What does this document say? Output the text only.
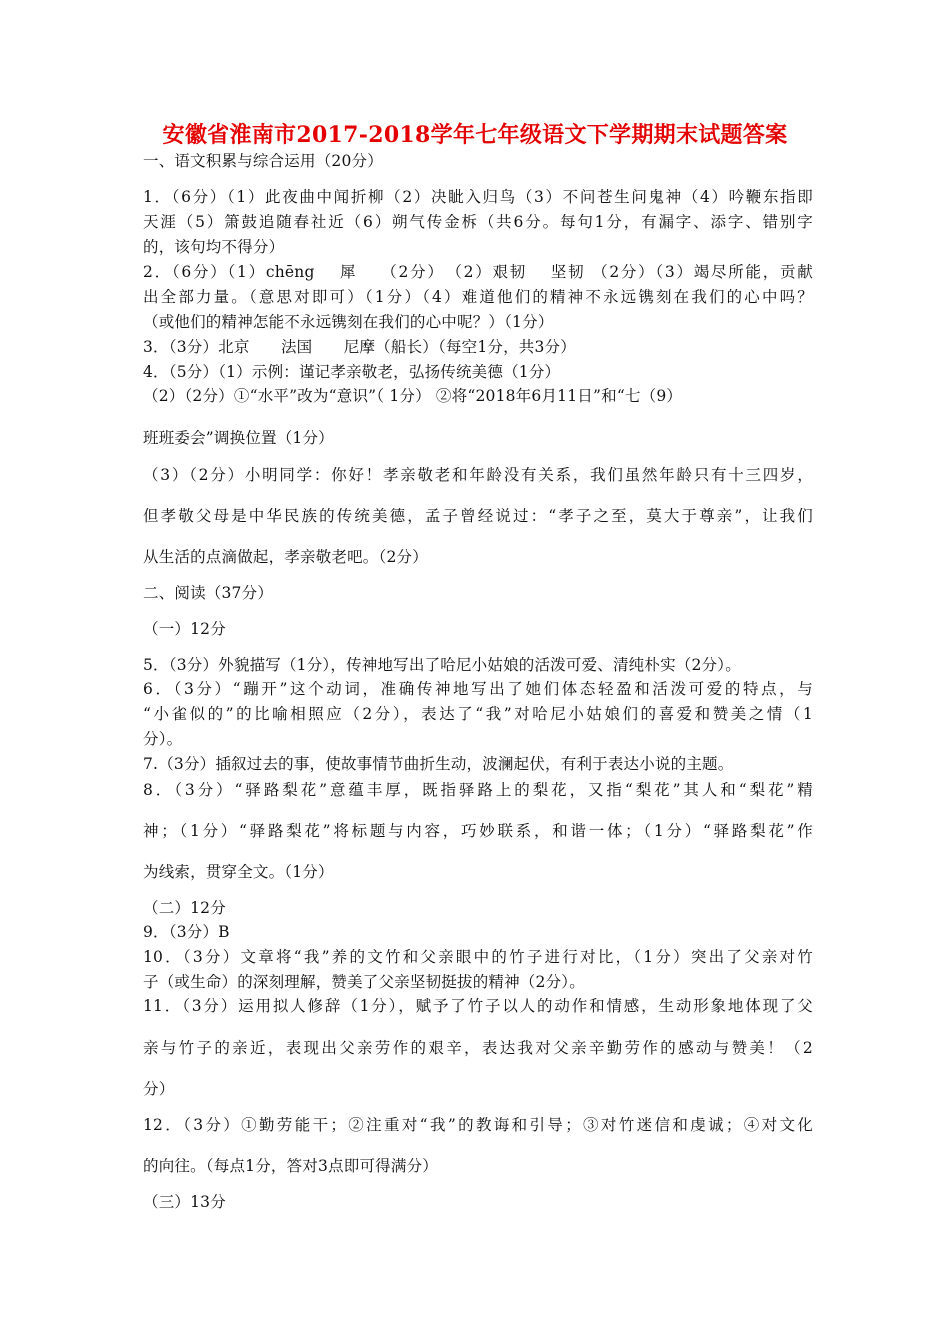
安徽省淮南市2017-2018学年七年级语文下学期期末试题答案
一、语文积累与综合运用（20分）
1．（6分）（1）此夜曲中闻折柳（2）决眦入归鸟（3）不问苍生问鬼神（4）吟鞭东指即
天涯（5）箫鼓追随春社近（6）朔气传金柝（共6分。每句1分，有漏字、添字、错别字
的，该句均不得分）
2．（6分）（1）chēng　 犀　 （2分）　（2）艰韧　 坚韧 （2分）（3）竭尽所能，贡献
出全部力量。（意思对即可）（1分）（4）难道他们的精神不永远镌刻在我们的心中吗？
（或他们的精神怎能不永远镌刻在我们的心中呢？）（1分）
3．（3分）北京　　法国　　尼摩（船长）（每空1分，共3分）
4．（5分）（1）示例：谨记孝亲敬老，弘扬传统美德（1分）
（2）（2分）①“水平”改为“意识”（ 1分） ②将“2018年6月11日”和“七（9）
班班委会”调换位置（1分）
（3）（2分）小明同学：你好！孝亲敬老和年龄没有关系，我们虽然年龄只有十三四岁，
但孝敬父母是中华民族的传统美德，孟子曾经说过：“孝子之至，莫大于尊亲”，让我们
从生活的点滴做起，孝亲敬老吧。（2分）
二、阅读（37分）
（一）12分
5．（3分）外貌描写（1分），传神地写出了哈尼小姑娘的活泼可爱、清纯朴实（2分）。
6．（3分）“蹦开”这个动词，准确传神地写出了她们体态轻盈和活泼可爱的特点，与
“小雀似的”的比喻相照应（2分），表达了“我”对哈尼小姑娘们的喜爱和赞美之情（1
分）。
7.（3分）插叙过去的事，使故事情节曲折生动，波澜起伏，有利于表达小说的主题。
8．（3分）“驿路梨花”意蕴丰厚，既指驿路上的梨花，又指“梨花”其人和“梨花”精
神；（1分）“驿路梨花”将标题与内容，巧妙联系，和谐一体；（1分）“驿路梨花”作
为线索，贯穿全文。（1分）
（二）12分
9．（3分）B
10．（3分）文章将“我”养的文竹和父亲眼中的竹子进行对比，（1分）突出了父亲对竹
子（或生命）的深刻理解，赞美了父亲坚韧挺拔的精神（2分）。
11．（3分）运用拟人修辞（1分），赋予了竹子以人的动作和情感，生动形象地体现了父
亲与竹子的亲近，表现出父亲劳作的艰辛，表达我对父亲辛勤劳作的感动与赞美！（2
分）
12．（3分）①勤劳能干；②注重对“我”的教诲和引导；③对竹迷信和虔诚；④对文化
的向往。（每点1分，答对3点即可得满分）
（三）13分
